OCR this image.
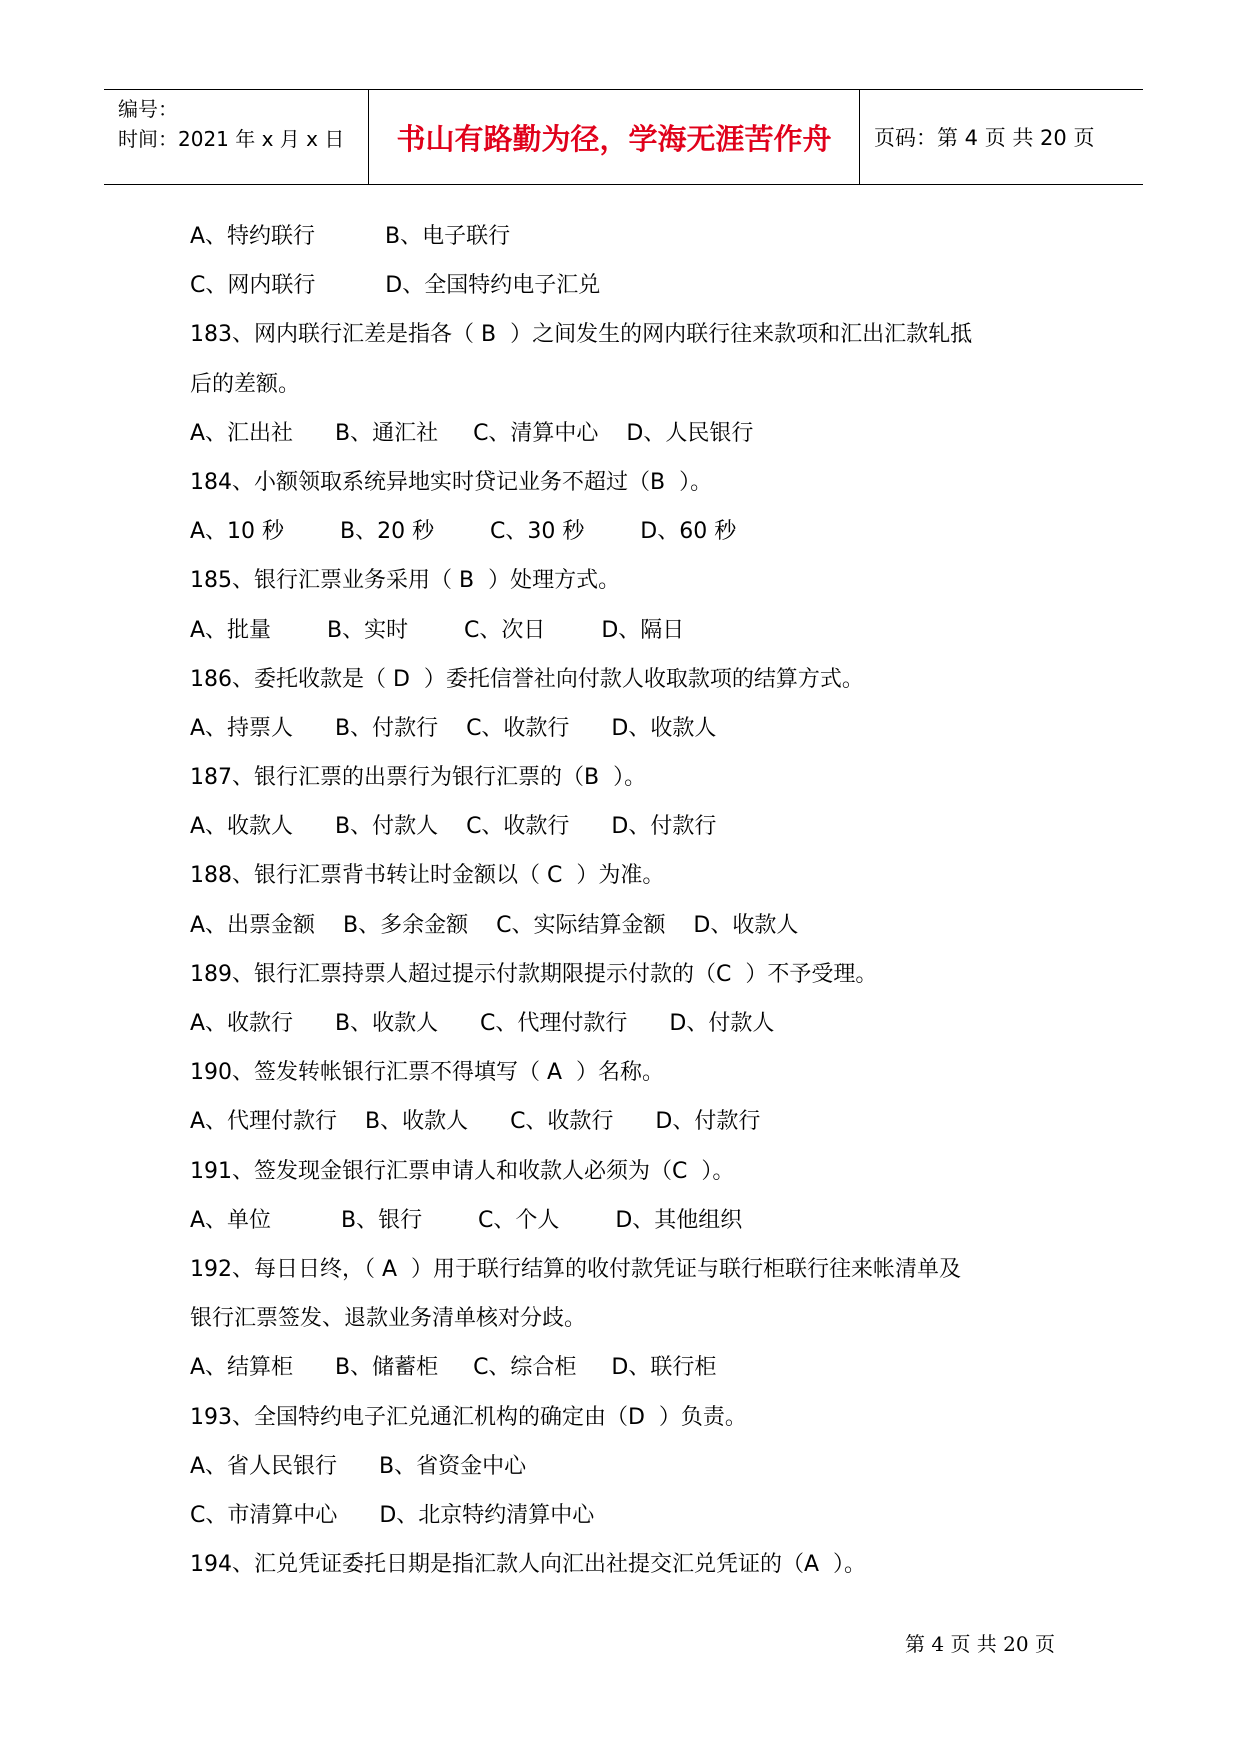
编号：
时间：2021 年 x 月 x 日	书山有路勤为径，学海无涯苦作舟	页码：第 4 页 共 20 页
A、特约联行          B、电子联行
C、网内联行          D、全国特约电子汇兑
183、网内联行汇差是指各（ B  ）之间发生的网内联行往来款项和汇出汇款轧抵
后的差额。
A、汇出社      B、通汇社     C、清算中心    D、人民银行
184、小额领取系统异地实时贷记业务不超过（B  ）。
A、10 秒        B、20 秒        C、30 秒        D、60 秒
185、银行汇票业务采用（ B  ）处理方式。
A、批量        B、实时        C、次日        D、隔日
186、委托收款是（ D  ）委托信誉社向付款人收取款项的结算方式。
A、持票人      B、付款行    C、收款行      D、收款人
187、银行汇票的出票行为银行汇票的（B  ）。
A、收款人      B、付款人    C、收款行      D、付款行
188、银行汇票背书转让时金额以（ C  ）为准。
A、出票金额    B、多余金额    C、实际结算金额    D、收款人
189、银行汇票持票人超过提示付款期限提示付款的（C  ）不予受理。
A、收款行      B、收款人      C、代理付款行      D、付款人
190、签发转帐银行汇票不得填写（ A  ）名称。
A、代理付款行    B、收款人      C、收款行      D、付款行
191、签发现金银行汇票申请人和收款人必须为（C  ）。
A、单位          B、银行        C、个人        D、其他组织
192、每日日终，（ A  ）用于联行结算的收付款凭证与联行柜联行往来帐清单及
银行汇票签发、退款业务清单核对分歧。
A、结算柜      B、储蓄柜     C、综合柜     D、联行柜
193、全国特约电子汇兑通汇机构的确定由（D  ）负责。
A、省人民银行      B、省资金中心
C、市清算中心      D、北京特约清算中心
194、汇兑凭证委托日期是指汇款人向汇出社提交汇兑凭证的（A  ）。
第 4 页 共 20 页
